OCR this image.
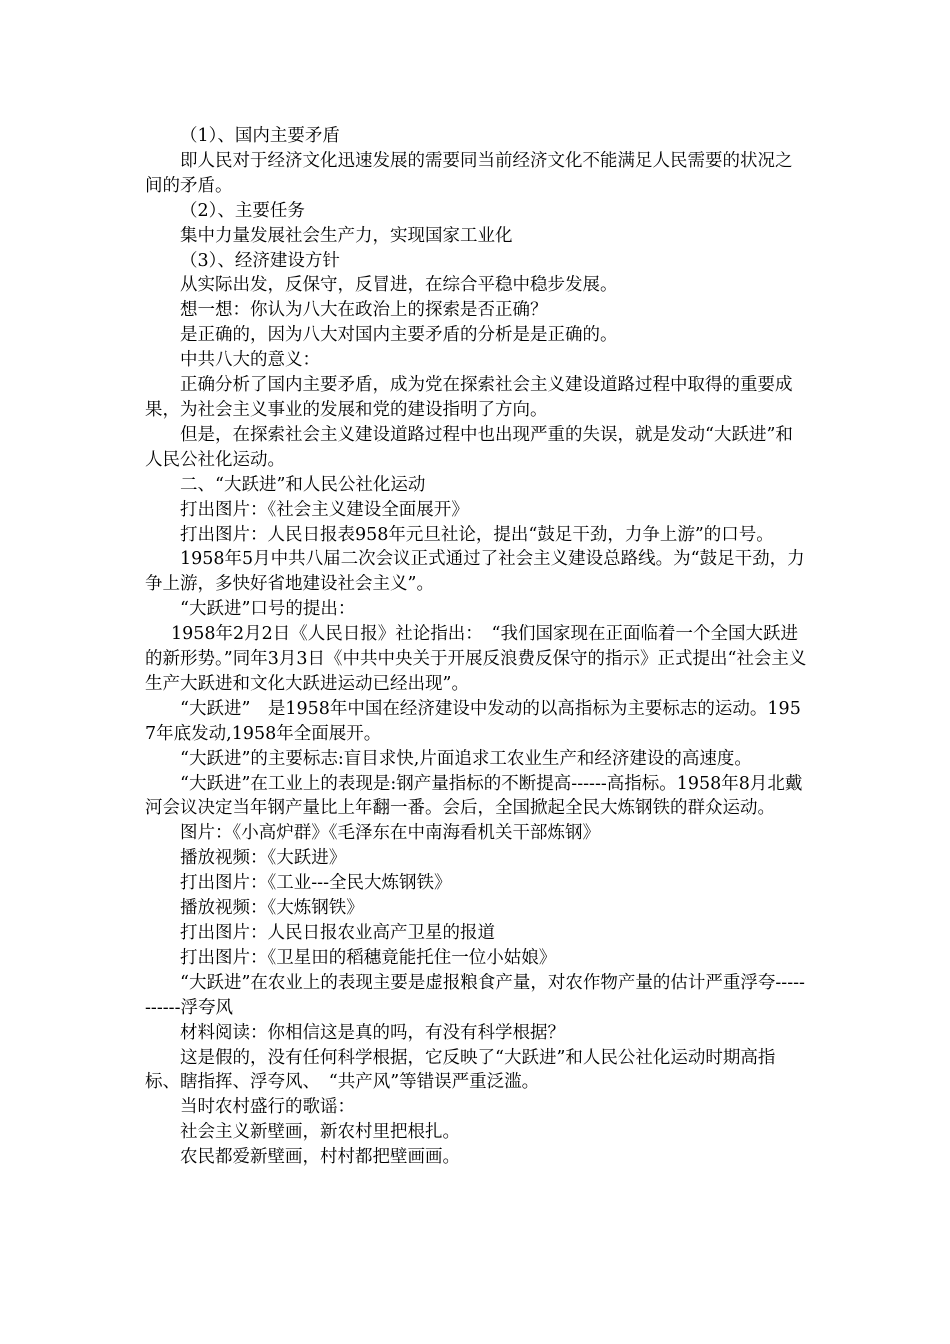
（1）、国内主要矛盾

即人民对于经济文化迅速发展的需要同当前经济文化不能满足人民需要的状况之间的矛盾。

（2）、主要任务

集中力量发展社会生产力，实现国家工业化

（3）、经济建设方针

从实际出发，反保守，反冒进，在综合平稳中稳步发展。

想一想：你认为八大在政治上的探索是否正确？

是正确的，因为八大对国内主要矛盾的分析是是正确的。

中共八大的意义：

正确分析了国内主要矛盾，成为党在探索社会主义建设道路过程中取得的重要成果，为社会主义事业的发展和党的建设指明了方向。

但是，在探索社会主义建设道路过程中也出现严重的失误，就是发动“大跃进”和人民公社化运动。

二、“大跃进”和人民公社化运动

打出图片：《社会主义建设全面展开》

打出图片：人民日报表958年元旦社论，提出“鼓足干劲，力争上游”的口号。

1958年5月中共八届二次会议正式通过了社会主义建设总路线。为“鼓足干劲，力争上游，多快好省地建设社会主义”。

“大跃进”口号的提出：

1958年2月2日《人民日报》社论指出：　“我们国家现在正面临着一个全国大跃进的新形势。”同年3月3日《中共中央关于开展反浪费反保守的指示》正式提出“社会主义生产大跃进和文化大跃进运动已经出现”。

“大跃进”　是1958年中国在经济建设中发动的以高指标为主要标志的运动。1957年底发动,1958年全面展开。

“大跃进”的主要标志:盲目求快,片面追求工农业生产和经济建设的高速度。

“大跃进”在工业上的表现是:钢产量指标的不断提高------高指标。1958年8月北戴河会议决定当年钢产量比上年翻一番。会后，全国掀起全民大炼钢铁的群众运动。

图片：《小高炉群》《毛泽东在中南海看机关干部炼钢》

播放视频：《大跃进》

打出图片：《工业---全民大炼钢铁》

播放视频：《大炼钢铁》

打出图片：人民日报农业高产卫星的报道

打出图片：《卫星田的稻穗竟能托住一位小姑娘》

“大跃进”在农业上的表现主要是虚报粮食产量，对农作物产量的估计严重浮夸-----------浮夸风

材料阅读：你相信这是真的吗，有没有科学根据？

这是假的，没有任何科学根据，它反映了“大跃进”和人民公社化运动时期高指标、瞎指挥、浮夸风、　“共产风”等错误严重泛滥。

当时农村盛行的歌谣：

社会主义新壁画，新农村里把根扎。

农民都爱新壁画，村村都把壁画画。
